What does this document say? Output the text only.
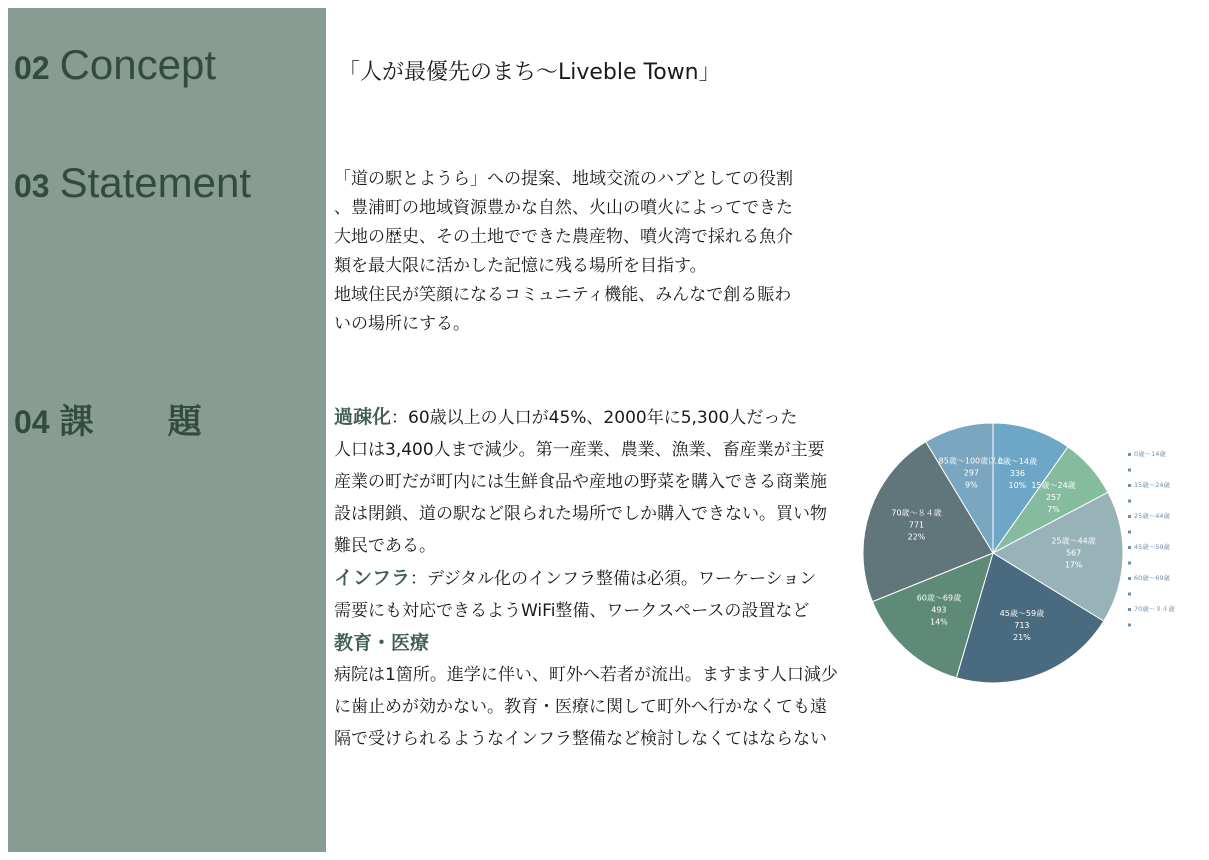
02 Concept
03 Statement
04 課題

「人が最優先のまち〜Liveble Town」

「道の駅とようら」への提案、地域交流のハブとしての役割

、豊浦町の地域資源豊かな自然、火山の噴火によってできた

大地の歴史、その土地でできた農産物、噴火湾で採れる魚介

類を最大限に活かした記憶に残る場所を目指す。

地域住民が笑顔になるコミュニティ機能、みんなで創る賑わ

いの場所にする。

過疎化：60歳以上の人口が45%、2000年に5,300人だった

人口は3,400人まで減少。第一産業、農業、漁業、畜産業が主要

産業の町だが町内には生鮮食品や産地の野菜を購入できる商業施

設は閉鎖、道の駅など限られた場所でしか購入できない。買い物

難民である。

インフラ：デジタル化のインフラ整備は必須。ワーケーション

需要にも対応できるようWiFi整備、ワークスペースの設置など

教育・医療

病院は1箇所。進学に伴い、町外へ若者が流出。ますます人口減少

に歯止めが効かない。教育・医療に関して町外へ行かなくても遠

隔で受けられるようなインフラ整備など検討しなくてはならない

0歳〜14歳
336
10% 15歳〜24歳
257
7%
25歳〜44歳
567
17%
45歳〜59歳
713
21%
60歳〜69歳
493
14%
70歳〜８４歳
771
22%
85歳〜100歳以上
297
9%
0歳〜14歳
15歳〜24歳
25歳〜44歳
45歳〜59歳
60歳〜69歳
70歳〜８４歳
